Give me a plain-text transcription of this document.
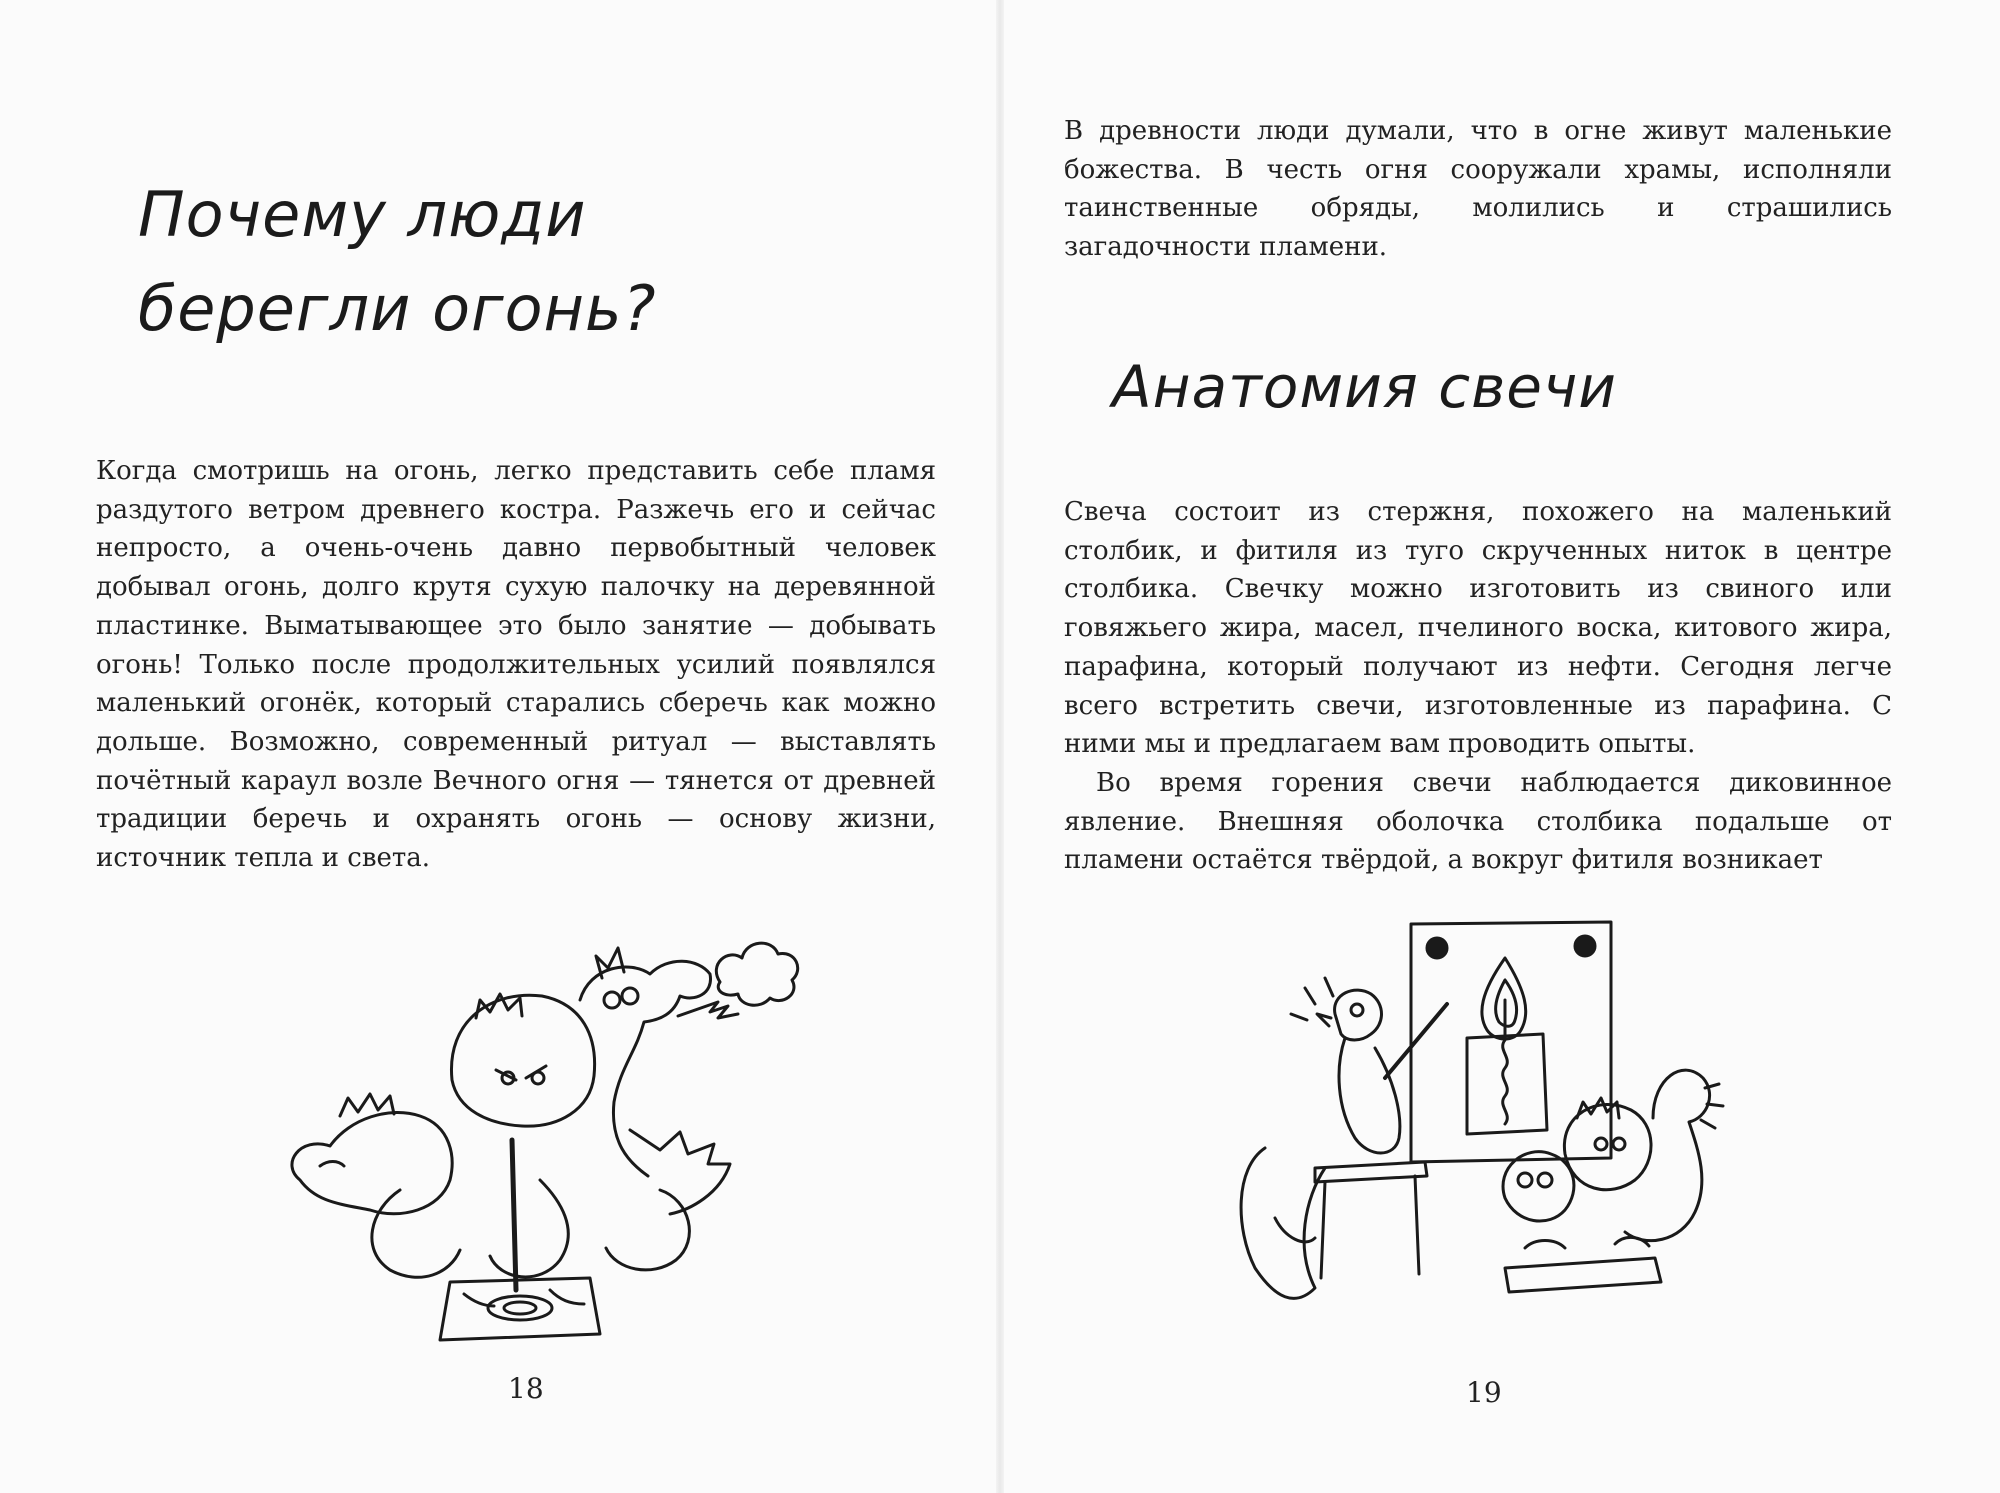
Почему люди
берегли огонь?

Когда смотришь на огонь, легко представить себе пламя раздутого ветром древнего костра. Разжечь его и сейчас непросто, а очень-очень давно первобытный человек добывал огонь, долго крутя сухую палочку на деревянной пластинке. Выматывающее это было занятие — добывать огонь! Только после продолжительных усилий появлялся маленький огонёк, который старались сберечь как можно дольше. Возможно, современный ритуал — выставлять почётный караул возле Вечного огня — тянется от древней традиции беречь и охранять огонь — основу жизни, источник тепла и света.

18

В древности люди думали, что в огне живут маленькие божества. В честь огня сооружали храмы, исполняли таинственные обряды, молились и страшились загадочности пламени.

Анатомия свечи

Свеча состоит из стержня, похожего на маленький столбик, и фитиля из туго скрученных ниток в центре столбика. Свечку можно изготовить из свиного или говяжьего жира, масел, пчелиного воска, китового жира, парафина, который получают из нефти. Сегодня легче всего встретить свечи, изготовленные из парафина. С ними мы и предлагаем вам проводить опыты.

Во время горения свечи наблюдается диковинное явление. Внешняя оболочка столбика подальше от пламени остаётся твёрдой, а вокруг фитиля возникает

19
